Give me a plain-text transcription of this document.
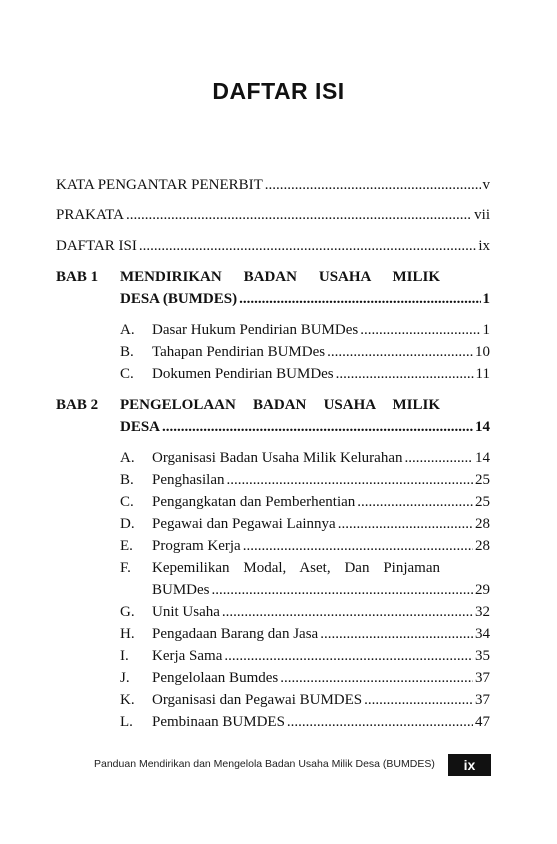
DAFTAR ISI
KATA PENGANTAR PENERBIT .....	v
PRAKATA .....	vii
DAFTAR ISI .....	ix
BAB 1 MENDIRIKAN BADAN USAHA MILIK
DESA (BUMDES) .....	1
A. Dasar Hukum Pendirian BUMDes .....	1
B. Tahapan Pendirian BUMDes .....	10
C. Dokumen Pendirian BUMDes .....	11
BAB 2 PENGELOLAAN BADAN USAHA MILIK
DESA .....	14
A. Organisasi Badan Usaha Milik Kelurahan .....	14
B. Penghasilan .....	25
C. Pengangkatan dan Pemberhentian .....	25
D. Pegawai dan Pegawai Lainnya .....	28
E. Program Kerja .....	28
F. Kepemilikan Modal, Aset, Dan Pinjaman
BUMDes .....	29
G. Unit Usaha .....	32
H. Pengadaan Barang dan Jasa .....	34
I. Kerja Sama .....	35
J. Pengelolaan Bumdes .....	37
K. Organisasi dan Pegawai BUMDES .....	37
L. Pembinaan BUMDES .....	47
Panduan Mendirikan dan Mengelola Badan Usaha Milik Desa (BUMDES)	ix
